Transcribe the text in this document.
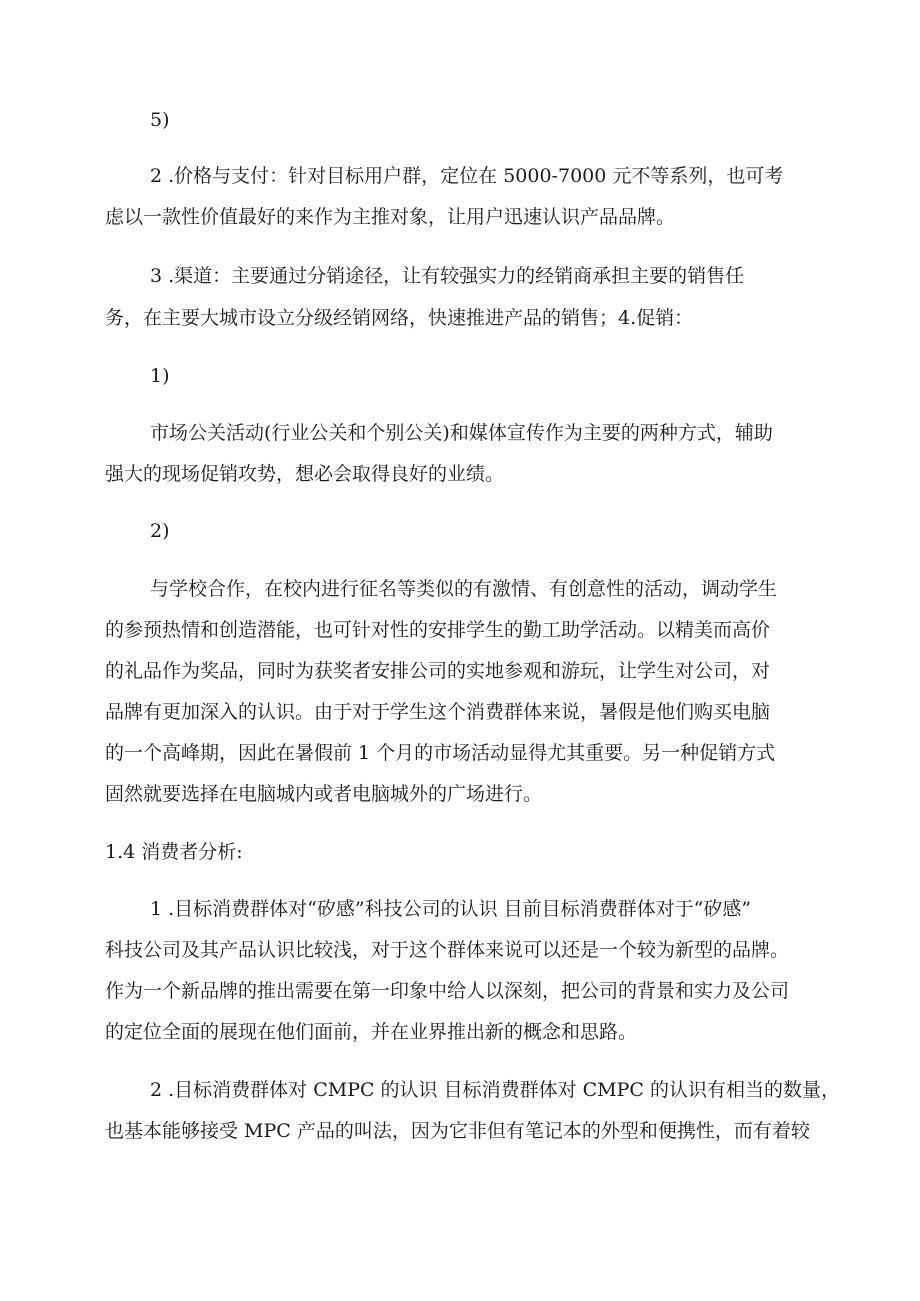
5)

2 .价格与支付：针对目标用户群，定位在 5000-7000 元不等系列，也可考

虑以一款性价值最好的来作为主推对象，让用户迅速认识产品品牌。

3 .渠道：主要通过分销途径，让有较强实力的经销商承担主要的销售任

务，在主要大城市设立分级经销网络，快速推进产品的销售；4.促销：

1)

市场公关活动(行业公关和个别公关)和媒体宣传作为主要的两种方式，辅助

强大的现场促销攻势，想必会取得良好的业绩。

2)

与学校合作，在校内进行征名等类似的有激情、有创意性的活动，调动学生

的参预热情和创造潜能，也可针对性的安排学生的勤工助学活动。以精美而高价

的礼品作为奖品，同时为获奖者安排公司的实地参观和游玩，让学生对公司，对

品牌有更加深入的认识。由于对于学生这个消费群体来说，暑假是他们购买电脑

的一个高峰期，因此在暑假前 1 个月的市场活动显得尤其重要。另一种促销方式

固然就要选择在电脑城内或者电脑城外的广场进行。

1.4 消费者分析:

1 .目标消费群体对“矽感”科技公司的认识 目前目标消费群体对于“矽感”

科技公司及其产品认识比较浅，对于这个群体来说可以还是一个较为新型的品牌。

作为一个新品牌的推出需要在第一印象中给人以深刻，把公司的背景和实力及公司

的定位全面的展现在他们面前，并在业界推出新的概念和思路。

2 .目标消费群体对 CMPC 的认识 目标消费群体对 CMPC 的认识有相当的数量，

也基本能够接受 MPC 产品的叫法，因为它非但有笔记本的外型和便携性，而有着较
